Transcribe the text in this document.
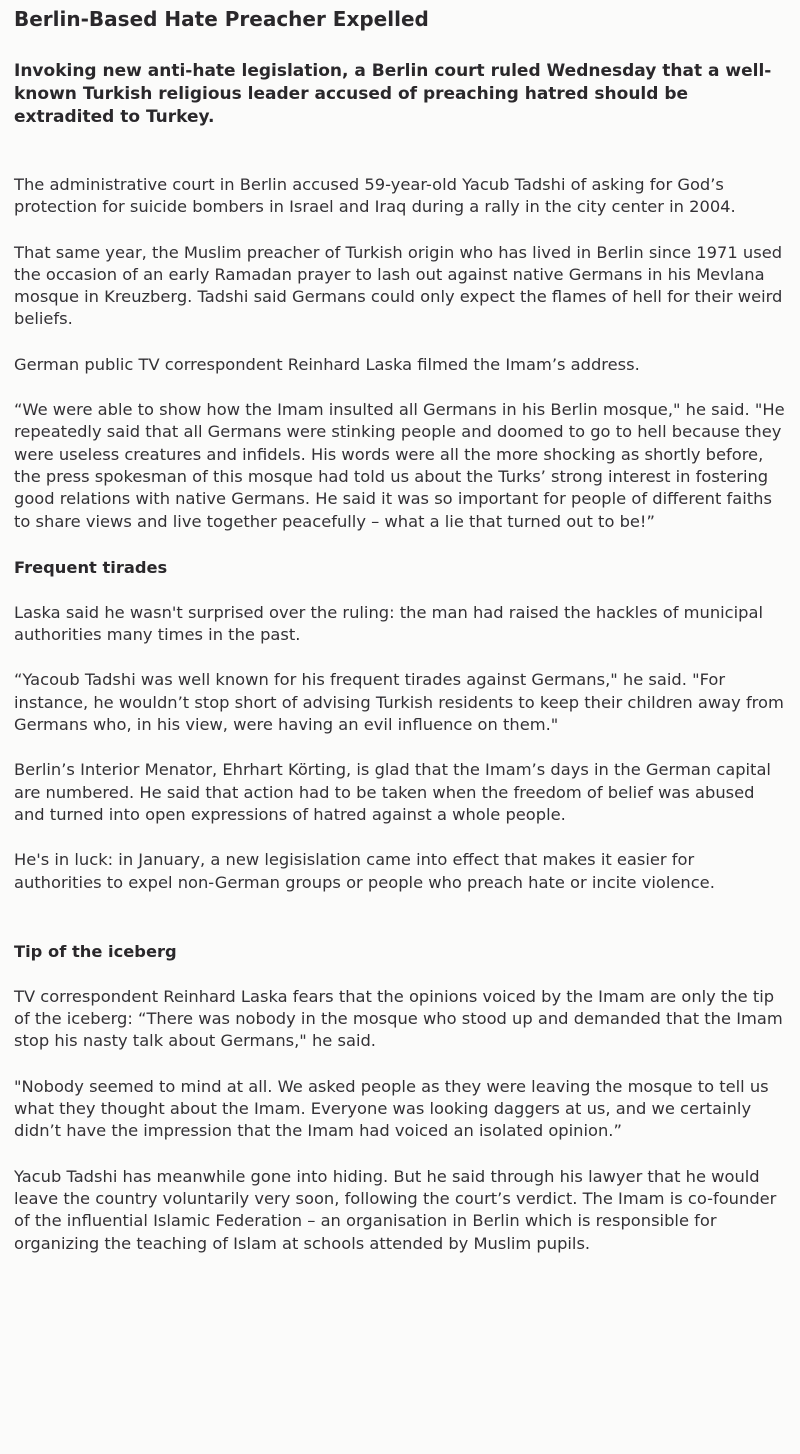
Berlin-Based Hate Preacher Expelled

Invoking new anti-hate legislation, a Berlin court ruled Wednesday that a well-known Turkish religious leader accused of preaching hatred should be extradited to Turkey.

The administrative court in Berlin accused 59-year-old Yacub Tadshi of asking for God’s protection for suicide bombers in Israel and Iraq during a rally in the city center in 2004.

That same year, the Muslim preacher of Turkish origin who has lived in Berlin since 1971 used the occasion of an early Ramadan prayer to lash out against native Germans in his Mevlana mosque in Kreuzberg. Tadshi said Germans could only expect the flames of hell for their weird beliefs.

German public TV correspondent Reinhard Laska filmed the Imam’s address.

“We were able to show how the Imam insulted all Germans in his Berlin mosque," he said. "He repeatedly said that all Germans were stinking people and doomed to go to hell because they were useless creatures and infidels. His words were all the more shocking as shortly before, the press spokesman of this mosque had told us about the Turks’ strong interest in fostering good relations with native Germans. He said it was so important for people of different faiths to share views and live together peacefully – what a lie that turned out to be!”

Frequent tirades

Laska said he wasn't surprised over the ruling: the man had raised the hackles of municipal authorities many times in the past.

“Yacoub Tadshi was well known for his frequent tirades against Germans," he said. "For instance, he wouldn’t stop short of advising Turkish residents to keep their children away from Germans who, in his view, were having an evil influence on them."

Berlin’s Interior Menator, Ehrhart Körting, is glad that the Imam’s days in the German capital are numbered. He said that action had to be taken when the freedom of belief was abused and turned into open expressions of hatred against a whole people.

He's in luck: in January, a new legisislation came into effect that makes it easier for authorities to expel non-German groups or people who preach hate or incite violence.

Tip of the iceberg

TV correspondent Reinhard Laska fears that the opinions voiced by the Imam are only the tip of the iceberg: “There was nobody in the mosque who stood up and demanded that the Imam stop his nasty talk about Germans," he said.

"Nobody seemed to mind at all. We asked people as they were leaving the mosque to tell us what they thought about the Imam. Everyone was looking daggers at us, and we certainly didn’t have the impression that the Imam had voiced an isolated opinion.”

Yacub Tadshi has meanwhile gone into hiding. But he said through his lawyer that he would leave the country voluntarily very soon, following the court’s verdict. The Imam is co-founder of the influential Islamic Federation – an organisation in Berlin which is responsible for organizing the teaching of Islam at schools attended by Muslim pupils.
